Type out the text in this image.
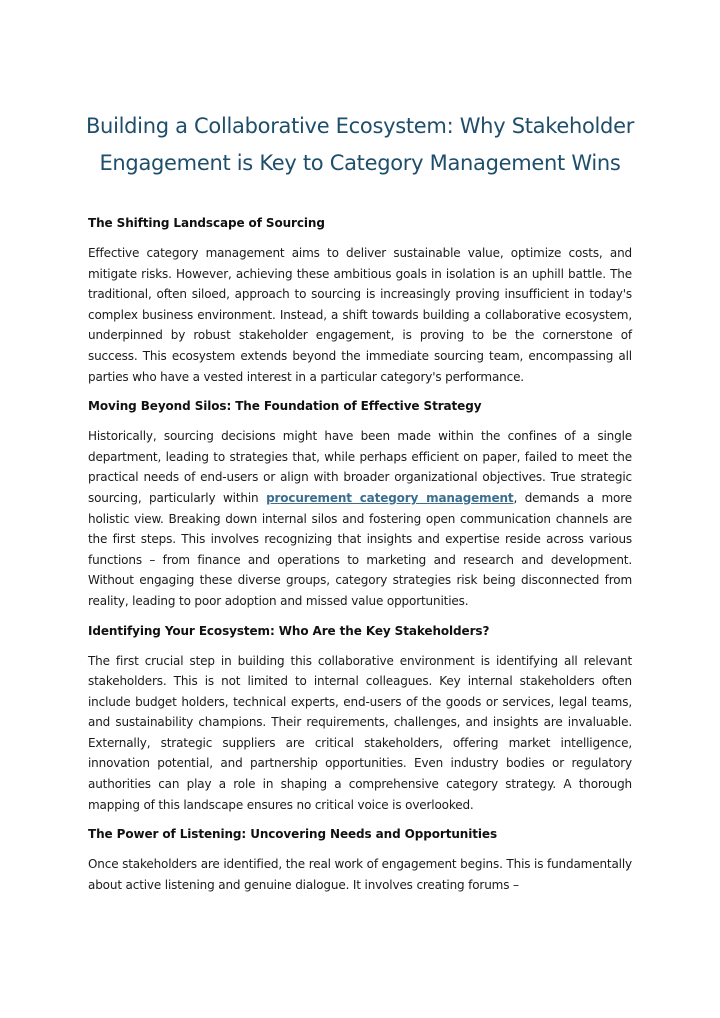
Building a Collaborative Ecosystem: Why Stakeholder
Engagement is Key to Category Management Wins
The Shifting Landscape of Sourcing

Effective category management aims to deliver sustainable value, optimize costs, and mitigate risks. However, achieving these ambitious goals in isolation is an uphill battle. The traditional, often siloed, approach to sourcing is increasingly proving insufficient in today's complex business environment. Instead, a shift towards building a collaborative ecosystem, underpinned by robust stakeholder engagement, is proving to be the cornerstone of success. This ecosystem extends beyond the immediate sourcing team, encompassing all parties who have a vested interest in a particular category's performance.

Moving Beyond Silos: The Foundation of Effective Strategy

Historically, sourcing decisions might have been made within the confines of a single department, leading to strategies that, while perhaps efficient on paper, failed to meet the practical needs of end-users or align with broader organizational objectives. True strategic sourcing, particularly within procurement category management, demands a more holistic view. Breaking down internal silos and fostering open communication channels are the first steps. This involves recognizing that insights and expertise reside across various functions – from finance and operations to marketing and research and development. Without engaging these diverse groups, category strategies risk being disconnected from reality, leading to poor adoption and missed value opportunities.

Identifying Your Ecosystem: Who Are the Key Stakeholders?

The first crucial step in building this collaborative environment is identifying all relevant stakeholders. This is not limited to internal colleagues. Key internal stakeholders often include budget holders, technical experts, end-users of the goods or services, legal teams, and sustainability champions. Their requirements, challenges, and insights are invaluable. Externally, strategic suppliers are critical stakeholders, offering market intelligence, innovation potential, and partnership opportunities. Even industry bodies or regulatory authorities can play a role in shaping a comprehensive category strategy. A thorough mapping of this landscape ensures no critical voice is overlooked.

The Power of Listening: Uncovering Needs and Opportunities

Once stakeholders are identified, the real work of engagement begins. This is fundamentally about active listening and genuine dialogue. It involves creating forums –
